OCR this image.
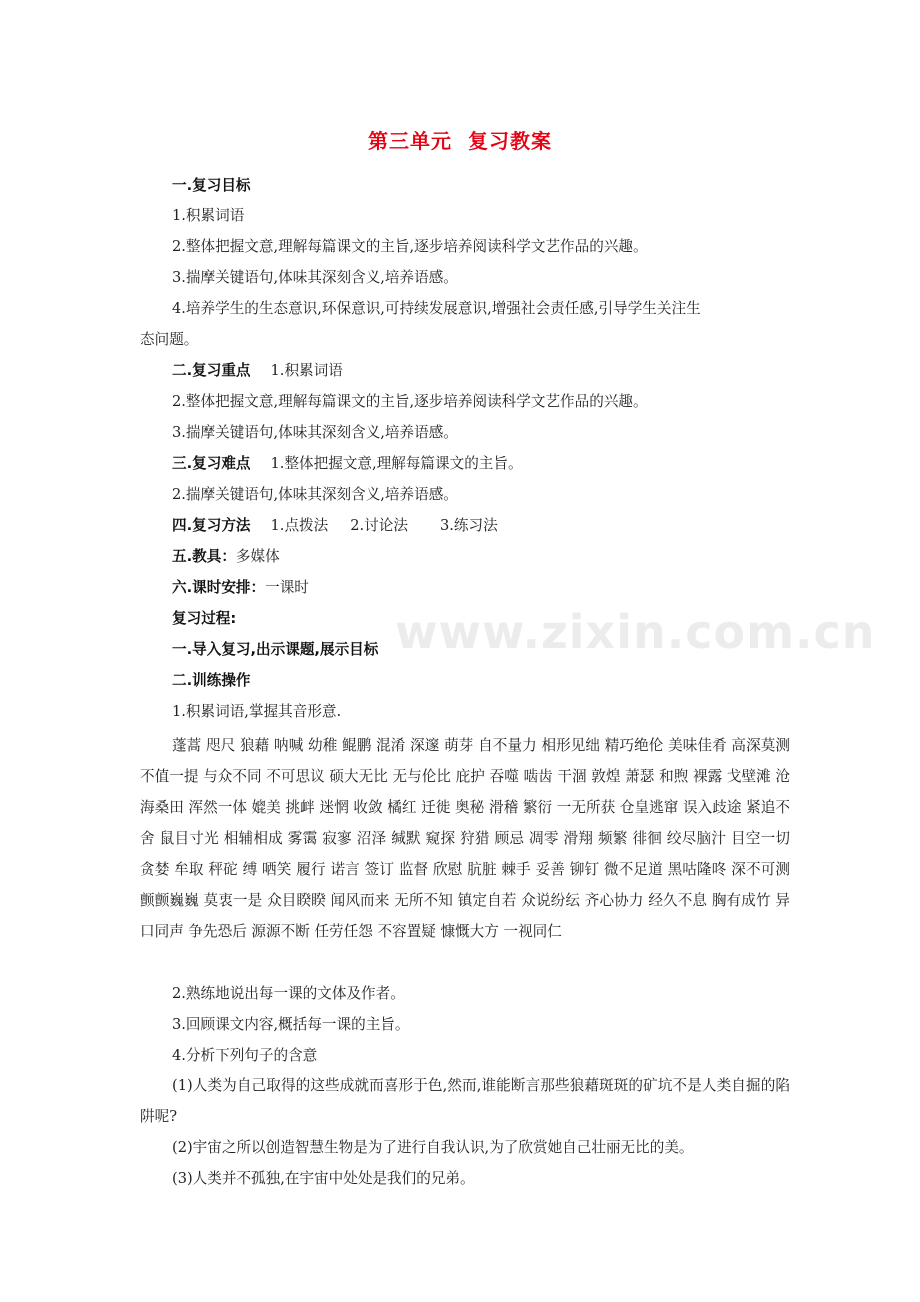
www.zixin.com.cn
第三单元  复习教案
一.复习目标
1.积累词语
2.整体把握文意,理解每篇课文的主旨,逐步培养阅读科学文艺作品的兴趣。
3.揣摩关键语句,体味其深刻含义,培养语感。
4.培养学生的生态意识,环保意识,可持续发展意识,增强社会责任感,引导学生关注生
态问题。
二.复习重点 1.积累词语
2.整体把握文意,理解每篇课文的主旨,逐步培养阅读科学文艺作品的兴趣。
3.揣摩关键语句,体味其深刻含义,培养语感。
三.复习难点 1.整体把握文意,理解每篇课文的主旨。
2.揣摩关键语句,体味其深刻含义,培养语感。
四.复习方法 1.点拨法 2.讨论法 3.练习法
五.教具：多媒体
六.课时安排：一课时
复习过程:
一.导入复习,出示课题,展示目标
二.训练操作
1.积累词语,掌握其音形意.
蓬蒿 咫尺 狼藉 呐喊 幼稚 鲲鹏 混淆 深邃 萌芽 自不量力 相形见绌 精巧绝伦 美味佳肴 高深莫测 不值一提 与众不同 不可思议 硕大无比 无与伦比 庇护 吞噬 啮齿 干涸 敦煌 萧瑟 和煦 裸露 戈壁滩 沧海桑田 浑然一体 媲美 挑衅 迷惘 收敛 橘红 迁徙 奥秘 滑稽 繁衍 一无所获 仓皇逃窜 误入歧途 紧追不舍 鼠目寸光 相辅相成 雾霭 寂寥 沼泽 缄默 窥探 狩猎 顾忌 凋零 滑翔 频繁 徘徊 绞尽脑汁 目空一切 贪婪 牟取 秤砣 缚 哂笑 履行 诺言 签订 监督 欣慰 肮脏 棘手 妥善 铆钉 微不足道 黑咕隆咚 深不可测 颤颤巍巍 莫衷一是 众目睽睽 闻风而来 无所不知 镇定自若 众说纷纭 齐心协力 经久不息 胸有成竹 异口同声 争先恐后 源源不断 任劳任怨 不容置疑 慷慨大方 一视同仁
2.熟练地说出每一课的文体及作者。
3.回顾课文内容,概括每一课的主旨。
4.分析下列句子的含意
(1)人类为自己取得的这些成就而喜形于色,然而,谁能断言那些狼藉斑斑的矿坑不是人类自掘的陷阱呢?
(2)宇宙之所以创造智慧生物是为了进行自我认识,为了欣赏她自己壮丽无比的美。
(3)人类并不孤独,在宇宙中处处是我们的兄弟。
